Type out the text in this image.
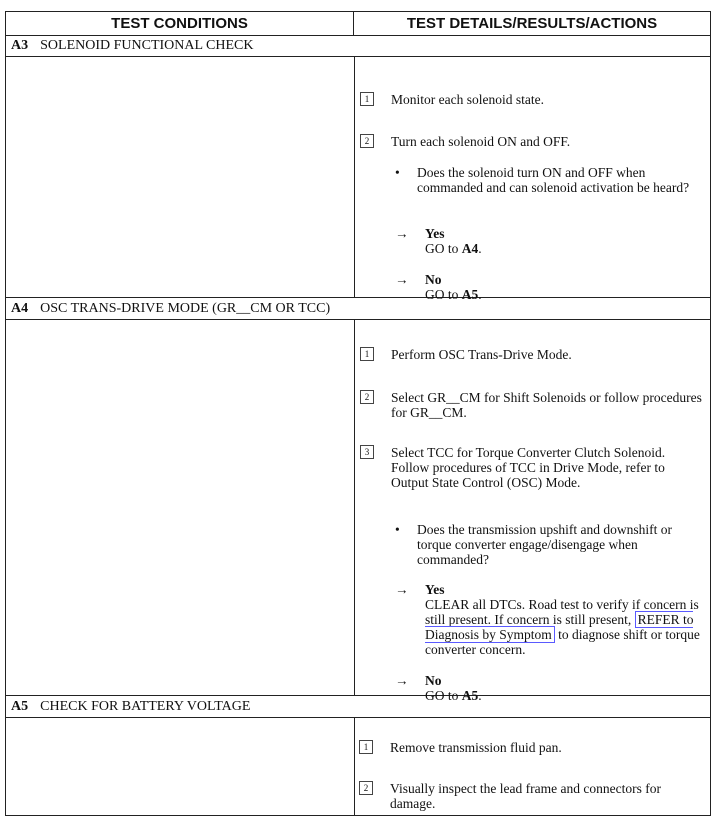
TEST CONDITIONS	TEST DETAILS/RESULTS/ACTIONS
A3 SOLENOID FUNCTIONAL CHECK
1	Monitor each solenoid state.
2	Turn each solenoid ON and OFF.
•	Does the solenoid turn ON and OFF when commanded and can solenoid activation be heard?
→	Yes
GO to A4.
→	No
GO to A5.
A4 OSC TRANS-DRIVE MODE (GR__CM OR TCC)
1	Perform OSC Trans-Drive Mode.
2	Select GR__CM for Shift Solenoids or follow procedures for GR__CM.
3	Select TCC for Torque Converter Clutch Solenoid. Follow procedures of TCC in Drive Mode, refer to Output State Control (OSC) Mode.
•	Does the transmission upshift and downshift or torque converter engage/disengage when commanded?
→	Yes
CLEAR all DTCs. Road test to verify if concern is still present. If concern is still present, REFER to Diagnosis by Symptom to diagnose shift or torque converter concern.
→	No
GO to A5.
A5 CHECK FOR BATTERY VOLTAGE
1	Remove transmission fluid pan.
2	Visually inspect the lead frame and connectors for damage.
